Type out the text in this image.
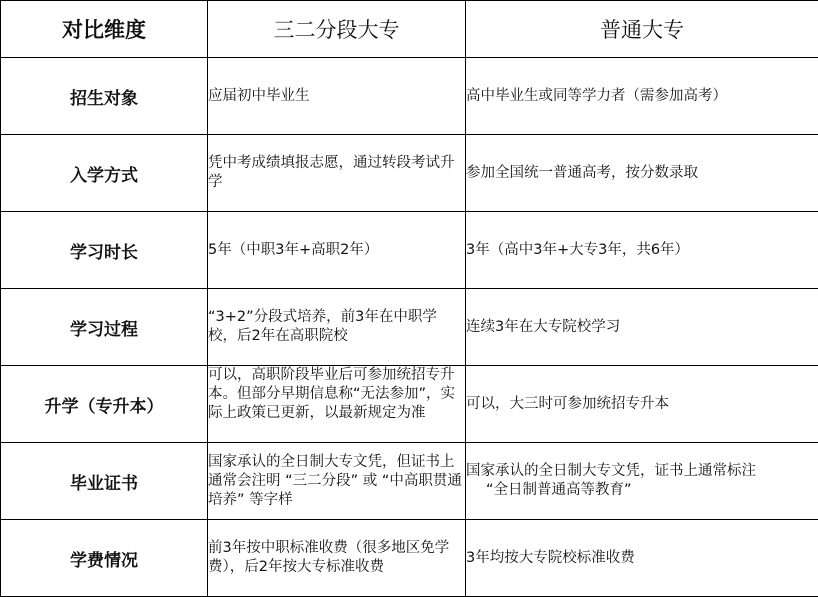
对比维度	三二分段大专	普通大专
招生对象	应届初中毕业生	高中毕业生或同等学力者（需参加高考）
入学方式	凭中考成绩填报志愿，通过转段考试升学	参加全国统一普通高考，按分数录取
学习时长	5年（中职3年+高职2年）	3年（高中3年+大专3年，共6年）
学习过程	“3+2”分段式培养，前3年在中职学校，后2年在高职院校	连续3年在大专院校学习
升学（专升本）	可以，高职阶段毕业后可参加统招专升本。但部分早期信息称“无法参加”，实际上政策已更新，以最新规定为准	可以，大三时可参加统招专升本
毕业证书	国家承认的全日制大专文凭，但证书上通常会注明 “三二分段” 或 “中高职贯通培养” 等字样	国家承认的全日制大专文凭，证书上通常标注
“全日制普通高等教育”

学费情况	前3年按中职标准收费（很多地区免学费），后2年按大专标准收费	3年均按大专院校标准收费
